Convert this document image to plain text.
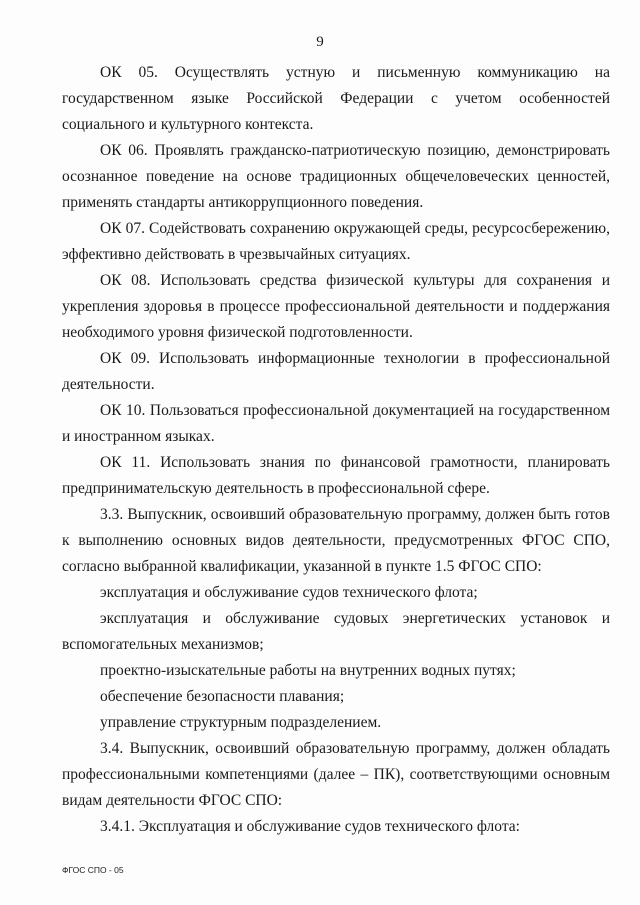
9

ОК 05. Осуществлять устную и письменную коммуникацию на государственном языке Российской Федерации с учетом особенностей социального и культурного контекста.

ОК 06. Проявлять гражданско-патриотическую позицию, демонстрировать осознанное поведение на основе традиционных общечеловеческих ценностей, применять стандарты антикоррупционного поведения.

ОК 07. Содействовать сохранению окружающей среды, ресурсосбережению, эффективно действовать в чрезвычайных ситуациях.

ОК 08. Использовать средства физической культуры для сохранения и укрепления здоровья в процессе профессиональной деятельности и поддержания необходимого уровня физической подготовленности.

ОК 09. Использовать информационные технологии в профессиональной деятельности.

ОК 10. Пользоваться профессиональной документацией на государственном и иностранном языках.

ОК 11. Использовать знания по финансовой грамотности, планировать предпринимательскую деятельность в профессиональной сфере.

3.3. Выпускник, освоивший образовательную программу, должен быть готов к выполнению основных видов деятельности, предусмотренных ФГОС СПО, согласно выбранной квалификации, указанной в пункте 1.5 ФГОС СПО:

эксплуатация и обслуживание судов технического флота;

эксплуатация и обслуживание судовых энергетических установок и вспомогательных механизмов;

проектно-изыскательные работы на внутренних водных путях;

обеспечение безопасности плавания;

управление структурным подразделением.

3.4. Выпускник, освоивший образовательную программу, должен обладать профессиональными компетенциями (далее – ПК), соответствующими основным видам деятельности ФГОС СПО:

3.4.1. Эксплуатация и обслуживание судов технического флота:

ФГОС СПО - 05
